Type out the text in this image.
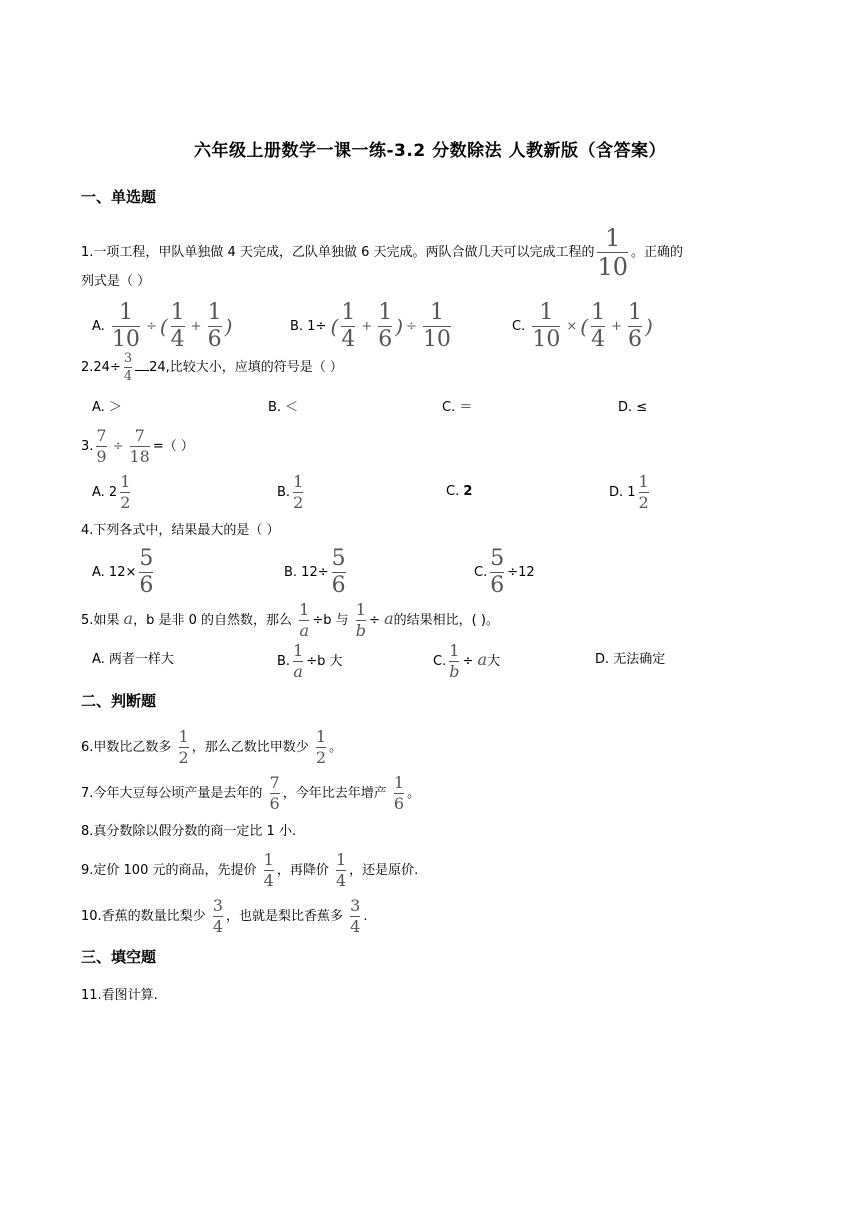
六年级上册数学一课一练-3.2 分数除法 人教新版（含答案）
一、单选题
1.一项工程，甲队单独做 4 天完成，乙队单独做 6 天完成。两队合做几天可以完成工程的 $\frac{1}{10}$ 。正确的
列式是（ ）
A. $\frac{1}{10}$ ÷ ( $\frac{1}{4} + \frac{1}{6}$ )	B. 1÷ ( $\frac{1}{4} + \frac{1}{6}$ ) ÷ $\frac{1}{10}$	C. $\frac{1}{10}$ × ( $\frac{1}{4} + \frac{1}{6}$ )
$2.24\div \frac{3}{4} 24$,比较大小，应填的符号是（ ）
A. ＞	B. ＜	C. ＝	D. ≤
3. $\frac{7}{9} \div \frac{7}{18}$ =（ ）
A. $2 \frac{1}{2}$	B. $\frac{1}{2}$	C. 2	D. $1 \frac{1}{2}$
4.下列各式中，结果最大的是（ ）
A. $12\times \frac{5}{6}$	B. $12\div \frac{5}{6}$	C. $\frac{5}{6} \div 12$
5.如果 a，b 是非 0 的自然数，那么 $\frac{1}{a} \div b$ 与 $\frac{1}{b} \div a$的结果相比，( )。
A. 两者一样大	B. $\frac{1}{a} \div b$ 大	C. $\frac{1}{b} \div a$大	D. 无法确定
二、判断题
6.甲数比乙数多 $\frac{1}{2}$ ，那么乙数比甲数少 $\frac{1}{2}$ 。
7.今年大豆每公顷产量是去年的 $\frac{7}{6}$ ，今年比去年增产 $\frac{1}{6}$ 。
8.真分数除以假分数的商一定比 1 小.
9.定价 100 元的商品，先提价 $\frac{1}{4}$ ，再降价 $\frac{1}{4}$ ，还是原价.
10.香蕉的数量比梨少 $\frac{3}{4}$ ，也就是梨比香蕉多 $\frac{3}{4}$ .
三、填空题
11.看图计算.
